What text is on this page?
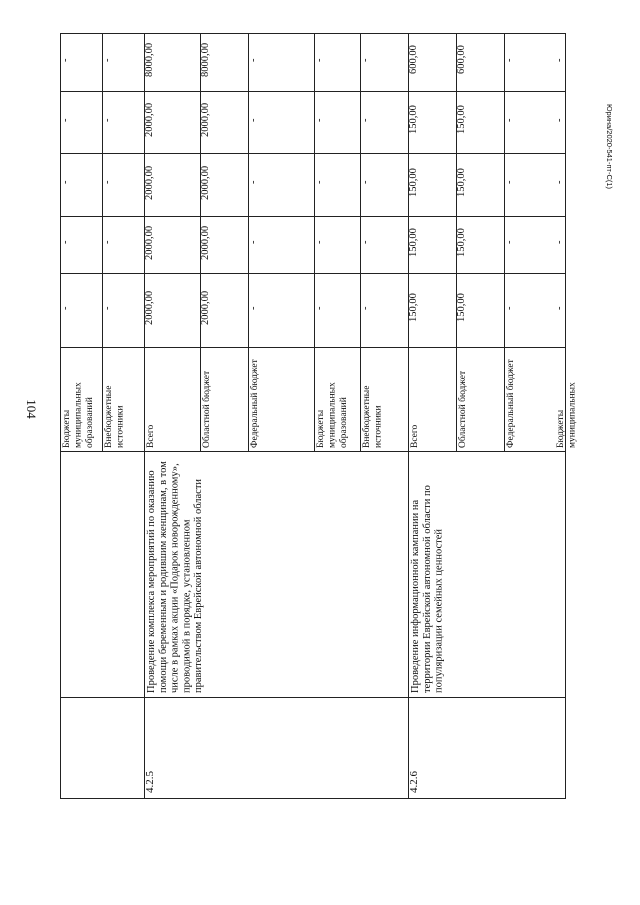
104
Юрина/2020-541-пт-С(1)
-
-
-
-
-
Бюджеты муниципальных образований
-
-
-
-
-
Внебюджетные источники
8000,00
2000,00
2000,00
2000,00
2000,00
Всего
8000,00
2000,00
2000,00
2000,00
2000,00
Областной бюджет
-
-
-
-
-
Федеральный бюджет
-
-
-
-
-
Бюджеты муниципальных образований
-
-
-
-
-
Внебюджетные источники
600,00
150,00
150,00
150,00
150,00
Всего
600,00
150,00
150,00
150,00
150,00
Областной бюджет
-
-
-
-
-
Федеральный бюджет
-
-
-
-
-
Бюджеты муниципальных
Проведение комплекса мероприятий по оказанию помощи беременным и родившим женщинам, в том числе в рамках акции «Подарок новорожденному», проводимой в порядке, установленном правительством Еврейской автономной области
4.2.5
Проведение информационной кампании на территории Еврейской автономной области по популяризации семейных ценностей
4.2.6
